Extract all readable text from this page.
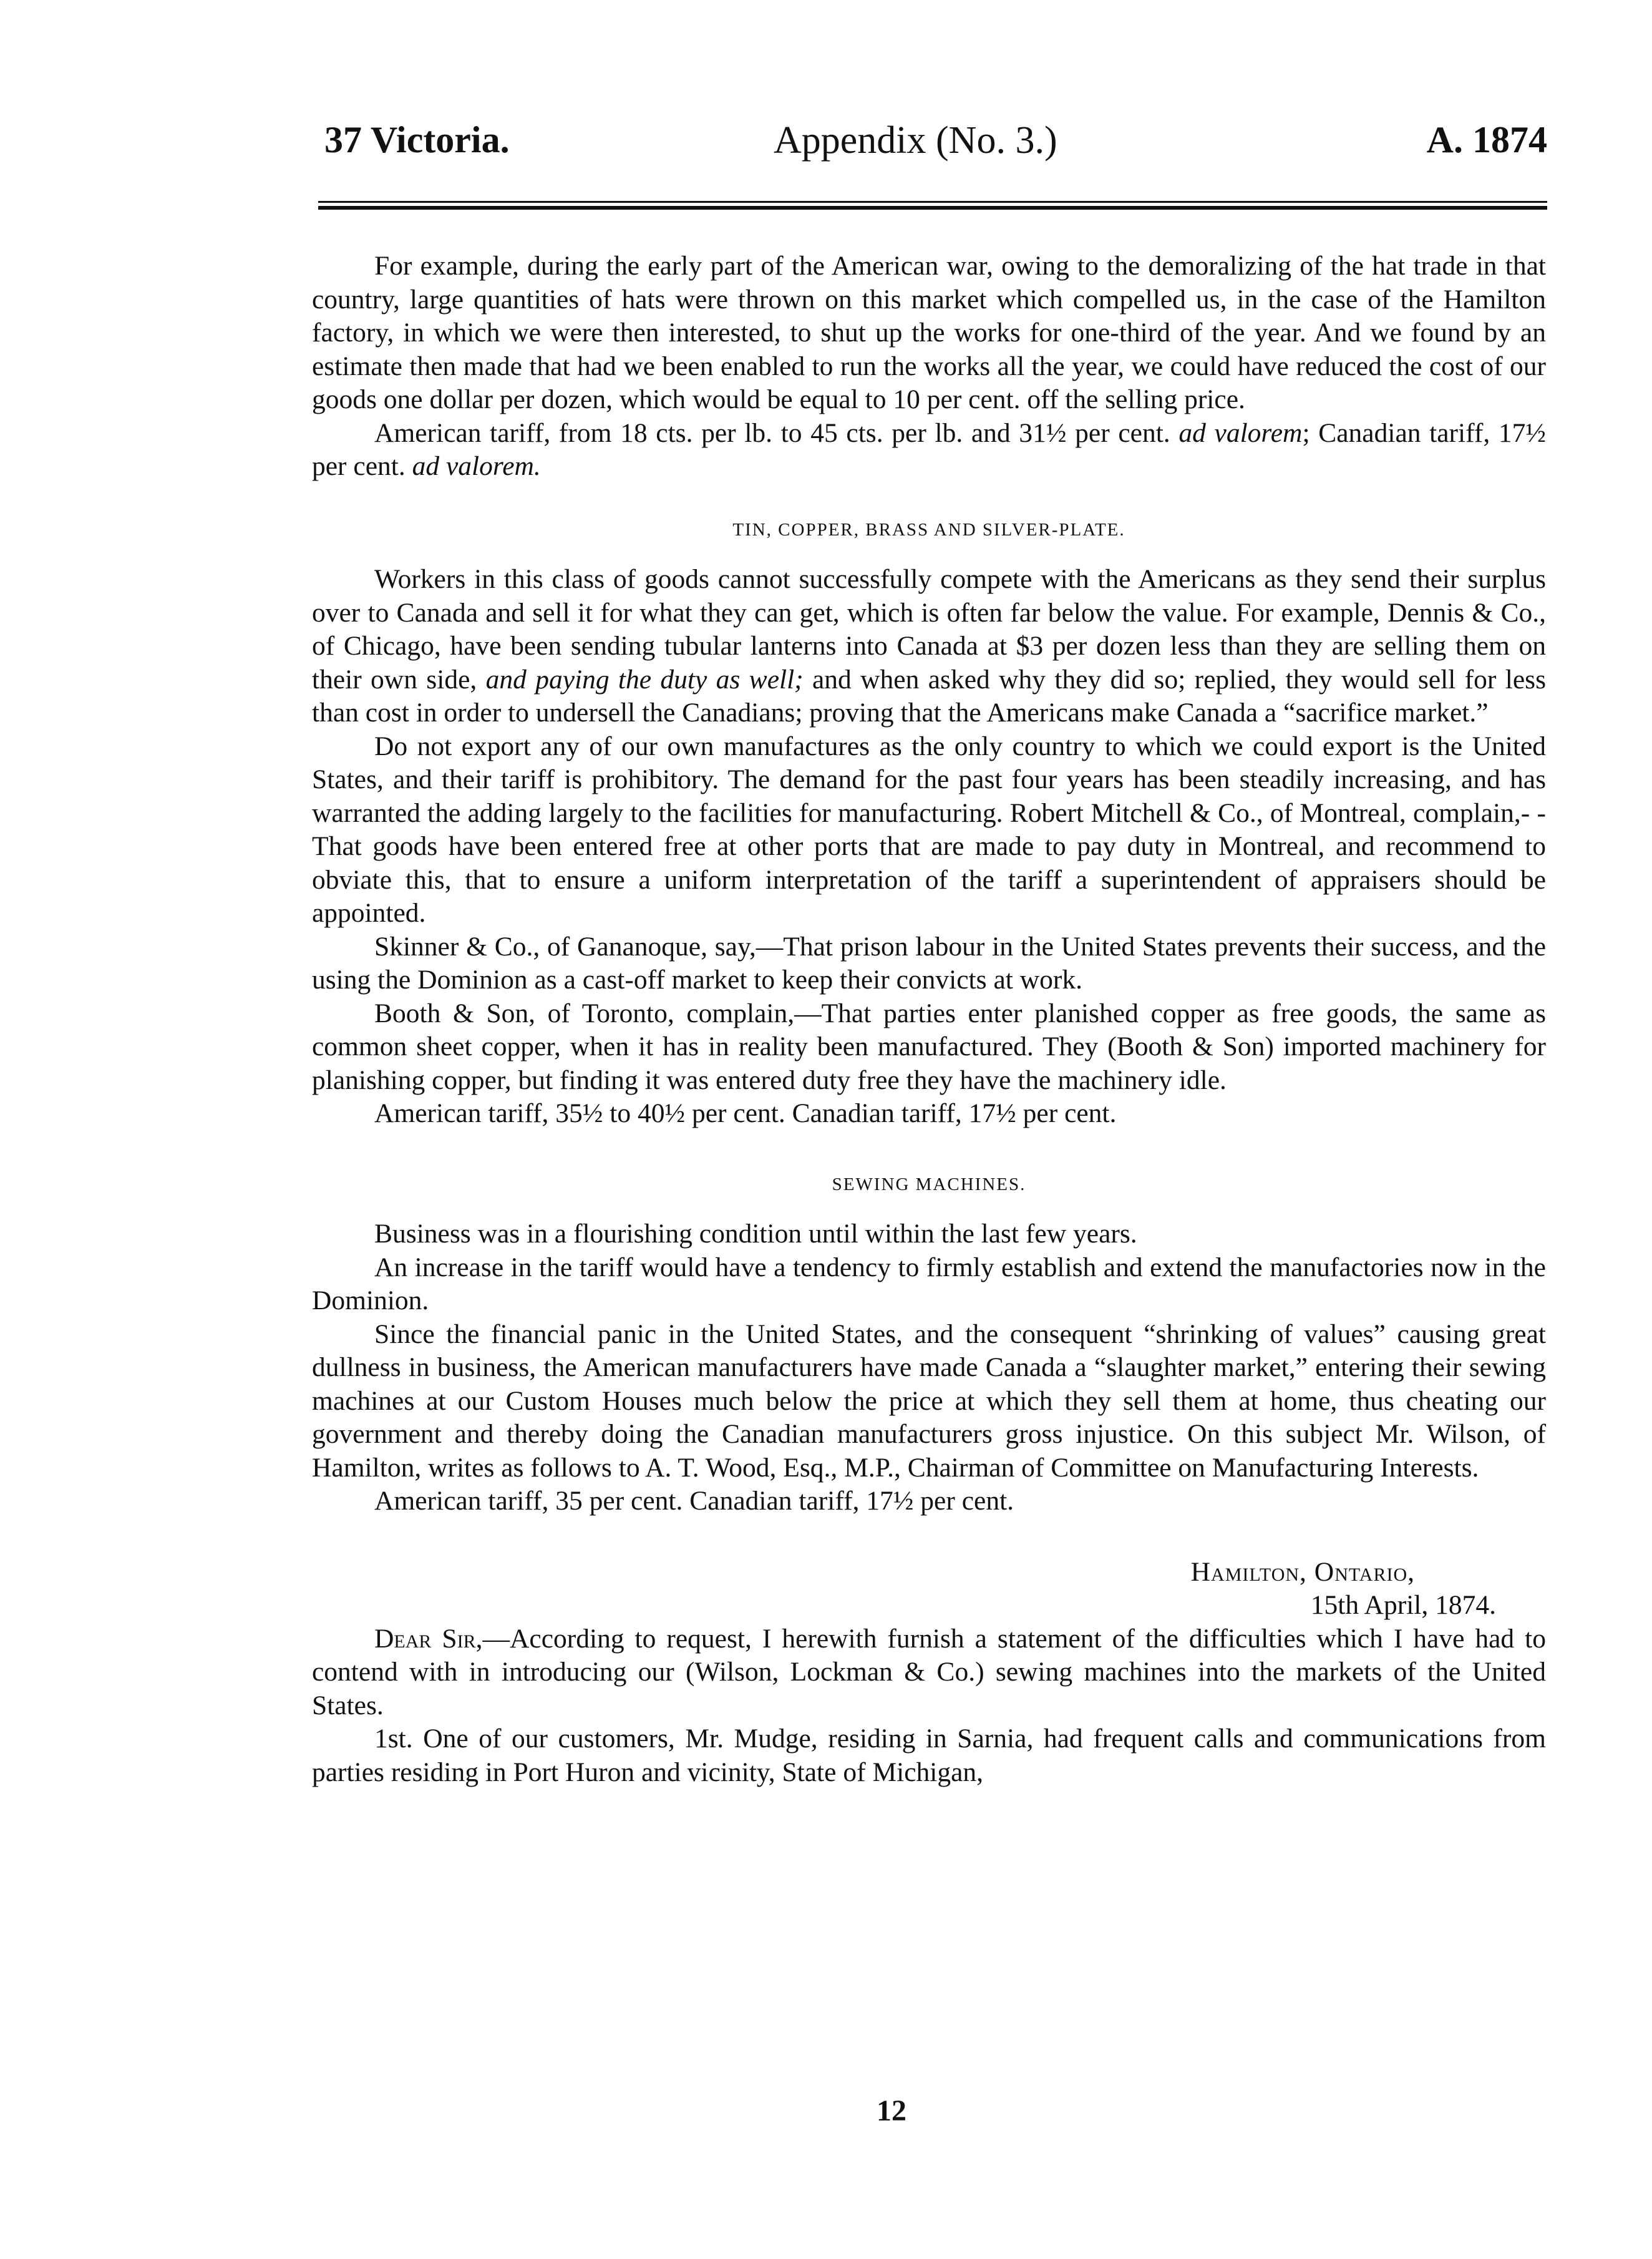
37 Victoria.	Appendix (No. 3.)	A. 1874

For example, during the early part of the American war, owing to the demoralizing of the hat trade in that country, large quantities of hats were thrown on this market which compelled us, in the case of the Hamilton factory, in which we were then interested, to shut up the works for one-third of the year. And we found by an estimate then made that had we been enabled to run the works all the year, we could have reduced the cost of our goods one dollar per dozen, which would be equal to 10 per cent. off the selling price.

American tariff, from 18 cts. per lb. to 45 cts. per lb. and 31½ per cent. ad valorem; Canadian tariff, 17½ per cent. ad valorem.

TIN, COPPER, BRASS AND SILVER-PLATE.

Workers in this class of goods cannot successfully compete with the Americans as they send their surplus over to Canada and sell it for what they can get, which is often far below the value. For example, Dennis & Co., of Chicago, have been sending tubular lanterns into Canada at $3 per dozen less than they are selling them on their own side, and paying the duty as well; and when asked why they did so; replied, they would sell for less than cost in order to undersell the Canadians; proving that the Americans make Canada a “sacrifice market.”

Do not export any of our own manufactures as the only country to which we could export is the United States, and their tariff is prohibitory. The demand for the past four years has been steadily increasing, and has warranted the adding largely to the facilities for manufacturing. Robert Mitchell & Co., of Montreal, complain,- -That goods have been entered free at other ports that are made to pay duty in Montreal, and recommend to obviate this, that to ensure a uniform interpretation of the tariff a superintendent of appraisers should be appointed.

Skinner & Co., of Gananoque, say,—That prison labour in the United States prevents their success, and the using the Dominion as a cast-off market to keep their convicts at work.

Booth & Son, of Toronto, complain,—That parties enter planished copper as free goods, the same as common sheet copper, when it has in reality been manufactured. They (Booth & Son) imported machinery for planishing copper, but finding it was entered duty free they have the machinery idle.

American tariff, 35½ to 40½ per cent. Canadian tariff, 17½ per cent.

SEWING MACHINES.

Business was in a flourishing condition until within the last few years.

An increase in the tariff would have a tendency to firmly establish and extend the manufactories now in the Dominion.

Since the financial panic in the United States, and the consequent “shrinking of values” causing great dullness in business, the American manufacturers have made Canada a “slaughter market,” entering their sewing machines at our Custom Houses much below the price at which they sell them at home, thus cheating our government and thereby doing the Canadian manufacturers gross injustice. On this subject Mr. Wilson, of Hamilton, writes as follows to A. T. Wood, Esq., M.P., Chairman of Committee on Manufacturing Interests.

American tariff, 35 per cent. Canadian tariff, 17½ per cent.

Hamilton, Ontario,
15th April, 1874.

Dear Sir,—According to request, I herewith furnish a statement of the difficulties which I have had to contend with in introducing our (Wilson, Lockman & Co.) sewing machines into the markets of the United States.

1st. One of our customers, Mr. Mudge, residing in Sarnia, had frequent calls and communications from parties residing in Port Huron and vicinity, State of Michigan,

12
